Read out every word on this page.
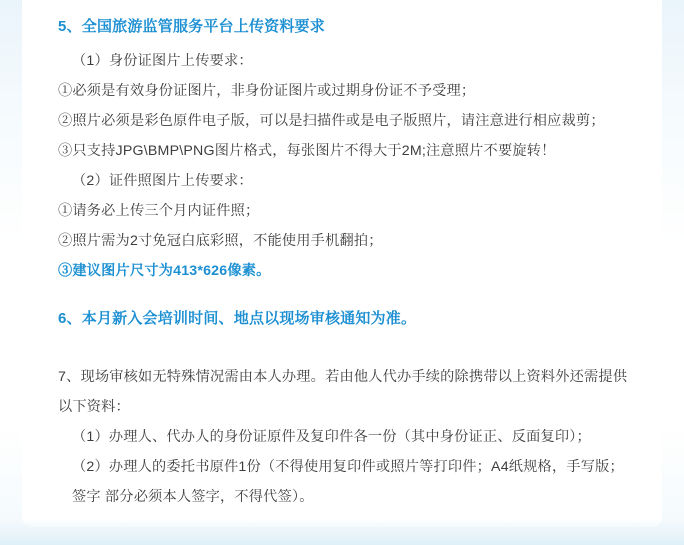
5、全国旅游监管服务平台上传资料要求

（1）身份证图片上传要求：

①必须是有效身份证图片，非身份证图片或过期身份证不予受理；

②照片必须是彩色原件电子版，可以是扫描件或是电子版照片，请注意进行相应裁剪；

③只支持JPG\BMP\PNG图片格式，每张图片不得大于2M;注意照片不要旋转！

（2）证件照图片上传要求：

①请务必上传三个月内证件照；

②照片需为2寸免冠白底彩照，不能使用手机翻拍；

③建议图片尺寸为413*626像素。

6、本月新入会培训时间、地点以现场审核通知为准。

7、现场审核如无特殊情况需由本人办理。若由他人代办手续的除携带以上资料外还需提供以下资料：

（1）办理人、代办人的身份证原件及复印件各一份（其中身份证正、反面复印）；

（2）办理人的委托书原件1份（不得使用复印件或照片等打印件；A4纸规格，手写版；签字 部分必须本人签字，不得代签）。
